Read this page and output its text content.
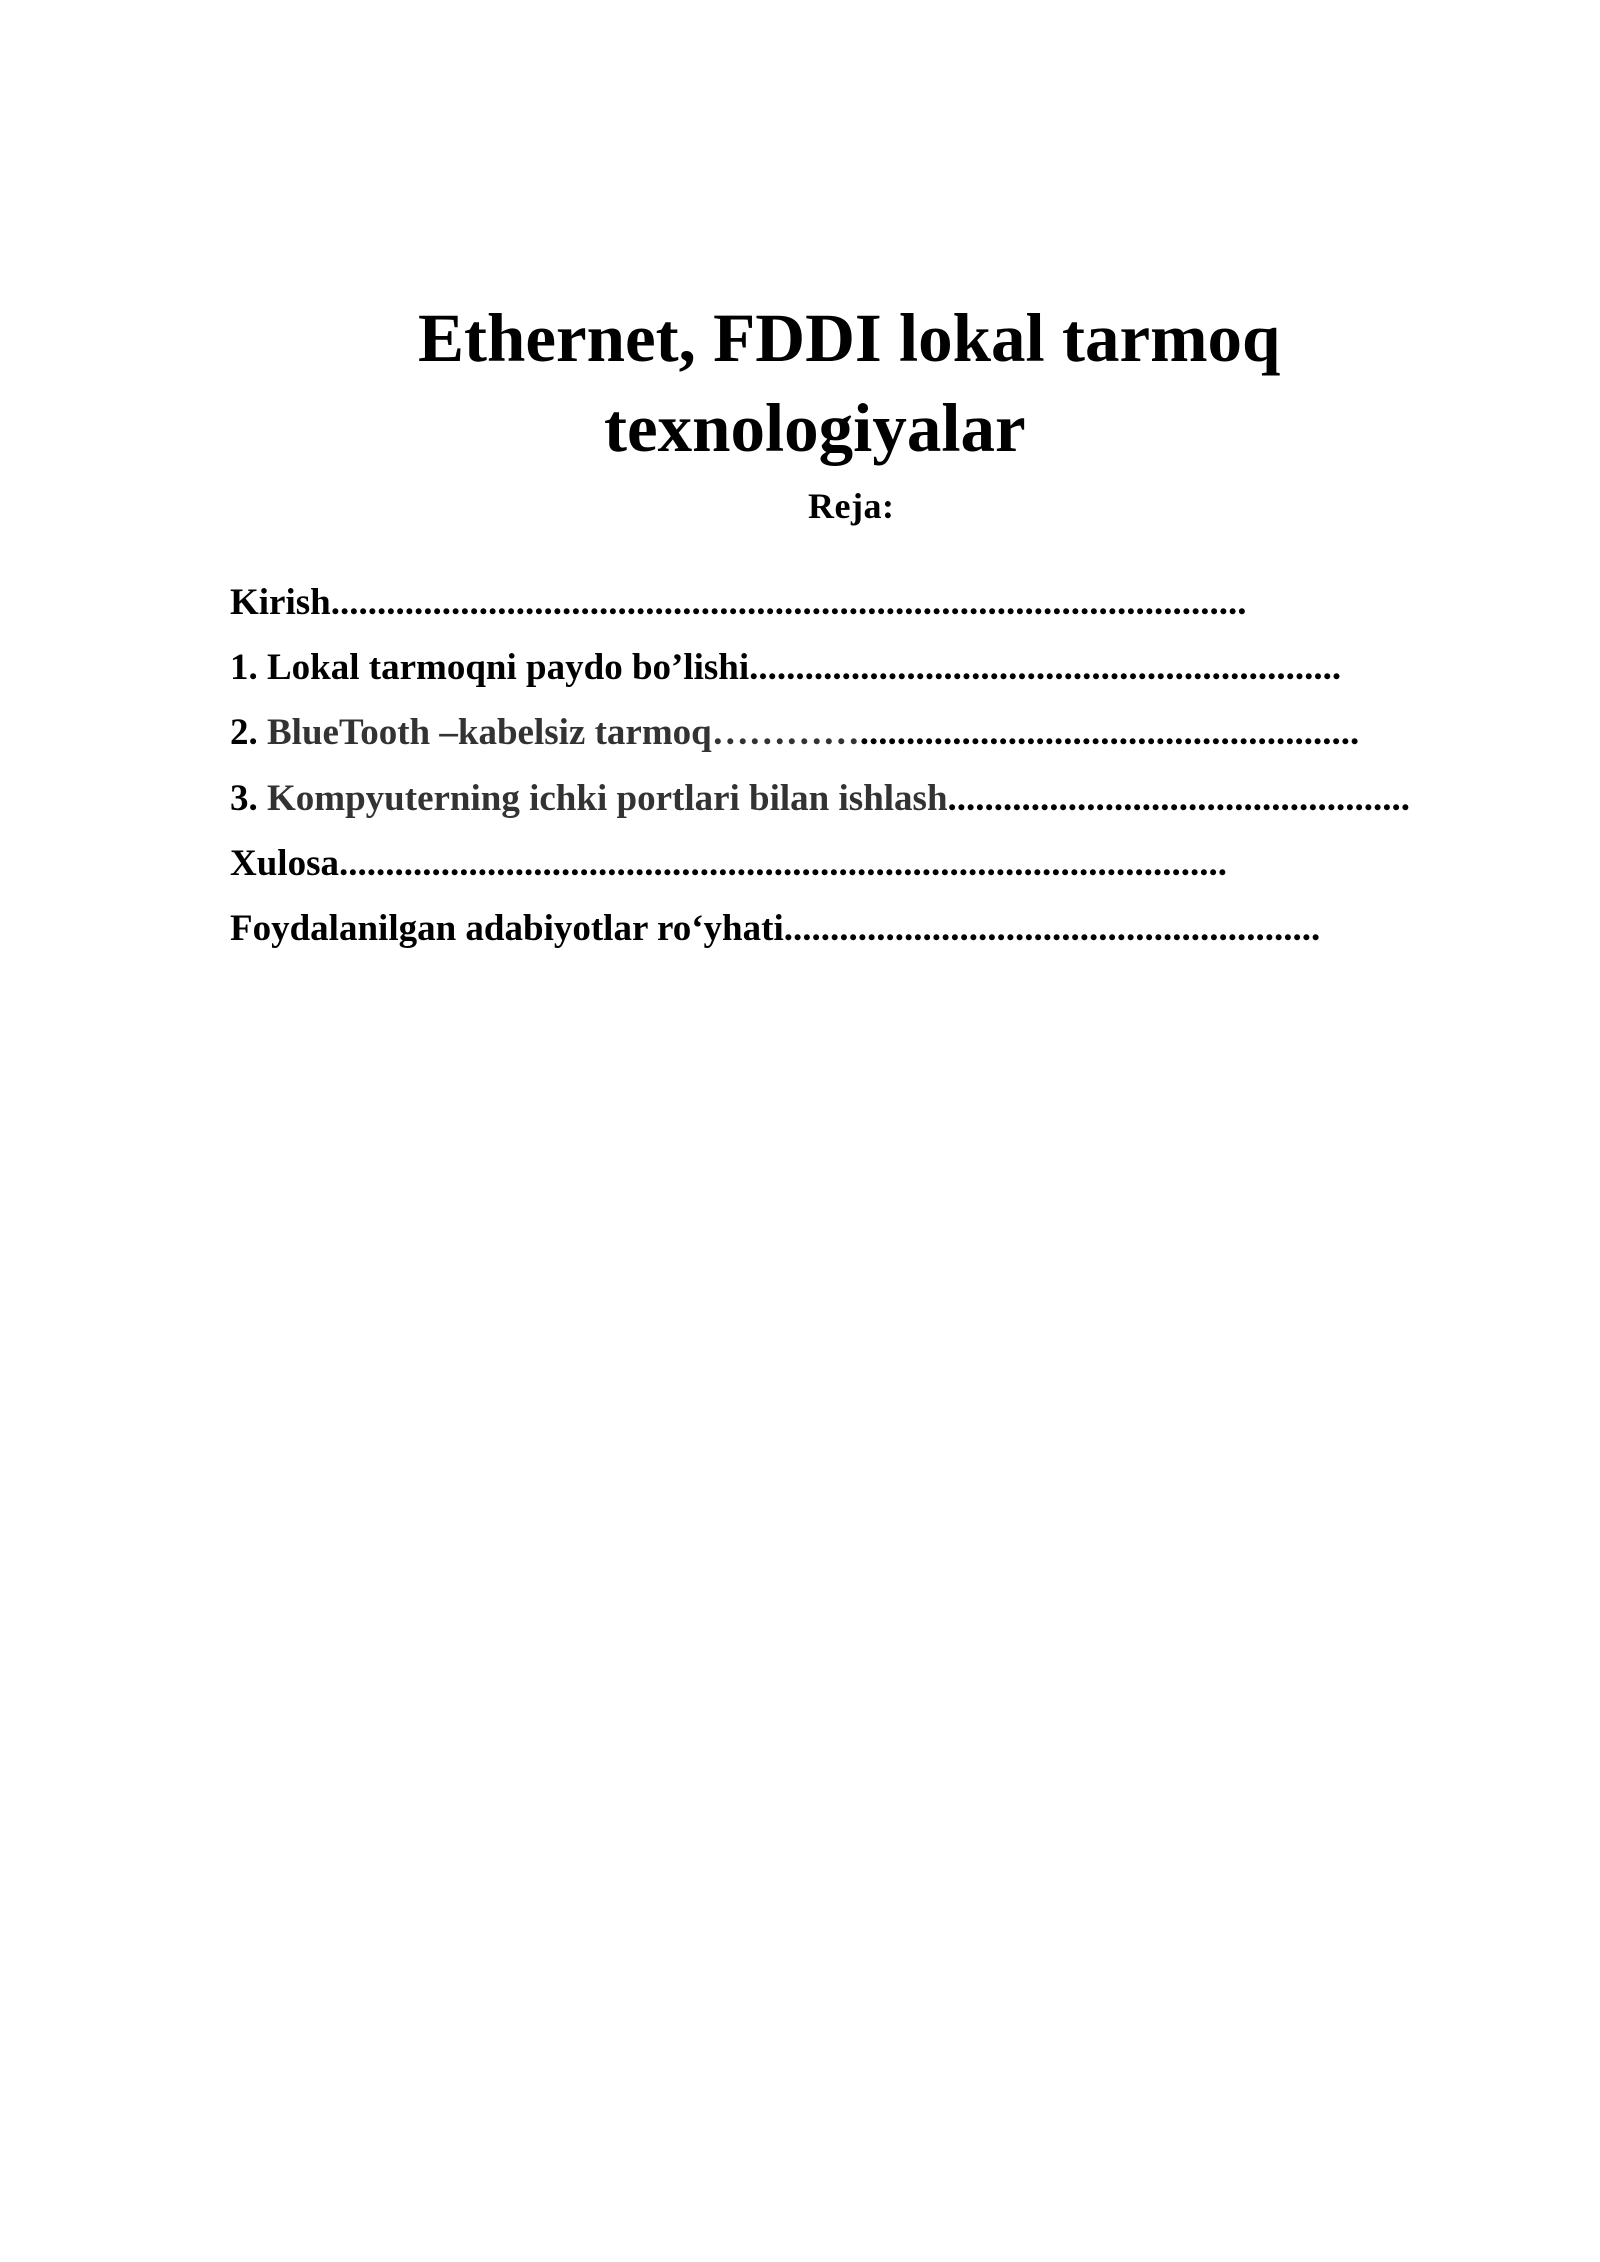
Ethernet, FDDI lokal tarmoq
texnologiyalar
Reja:
Kirish...................................................................................................
1. Lokal tarmoqni paydo bo’lishi................................................................
2. BlueTooth –kabelsiz tarmoq…………......................................................
3. Kompyuterning ichki portlari bilan ishlash..................................................
Xulosa................................................................................................
Foydalanilgan adabiyotlar ro‘yhati..........................................................
